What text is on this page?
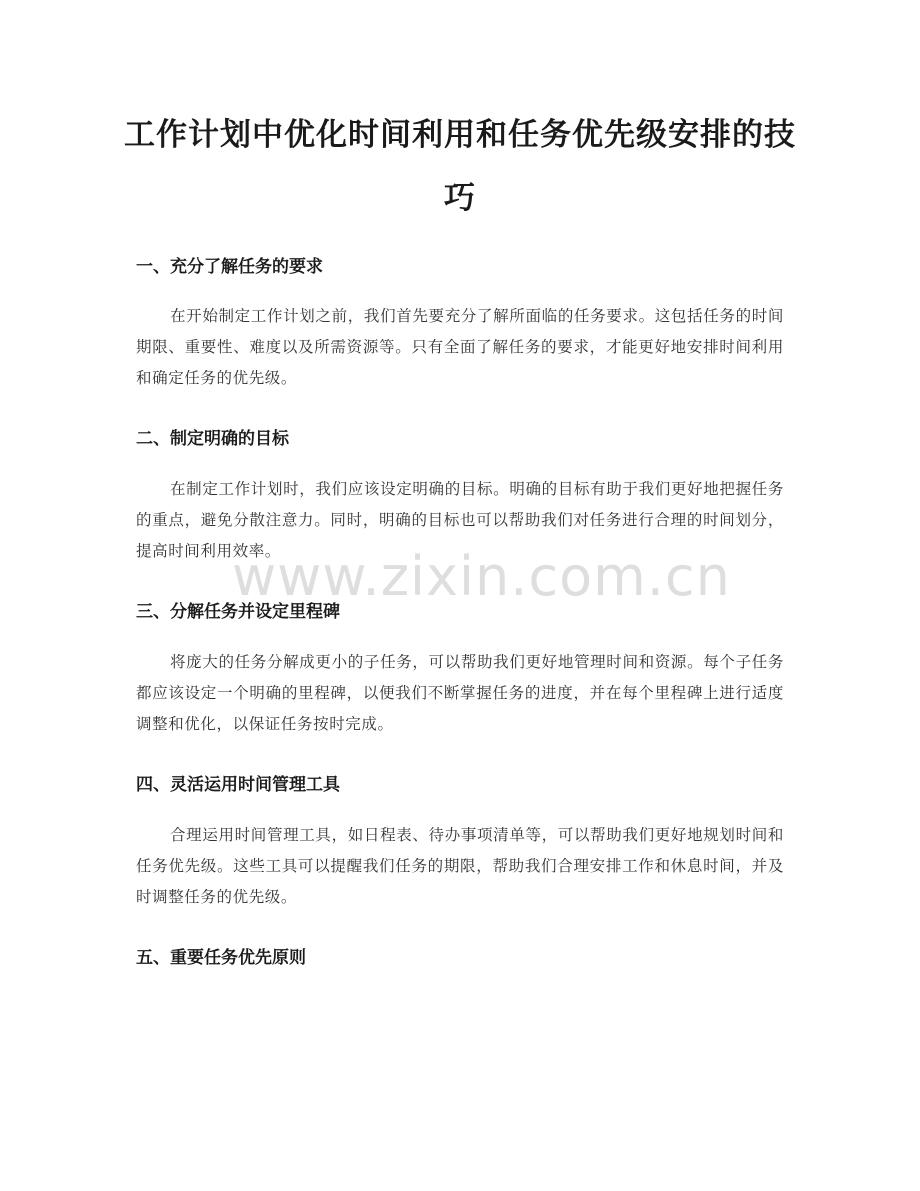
工作计划中优化时间利用和任务优先级安排的技巧
一、充分了解任务的要求

在开始制定工作计划之前，我们首先要充分了解所面临的任务要求。这包括任务的时间期限、重要性、难度以及所需资源等。只有全面了解任务的要求，才能更好地安排时间利用和确定任务的优先级。

二、制定明确的目标

在制定工作计划时，我们应该设定明确的目标。明确的目标有助于我们更好地把握任务的重点，避免分散注意力。同时，明确的目标也可以帮助我们对任务进行合理的时间划分，提高时间利用效率。

三、分解任务并设定里程碑

将庞大的任务分解成更小的子任务，可以帮助我们更好地管理时间和资源。每个子任务都应该设定一个明确的里程碑，以便我们不断掌握任务的进度，并在每个里程碑上进行适度调整和优化，以保证任务按时完成。

四、灵活运用时间管理工具

合理运用时间管理工具，如日程表、待办事项清单等，可以帮助我们更好地规划时间和任务优先级。这些工具可以提醒我们任务的期限，帮助我们合理安排工作和休息时间，并及时调整任务的优先级。

五、重要任务优先原则
www.zixin.com.cn
